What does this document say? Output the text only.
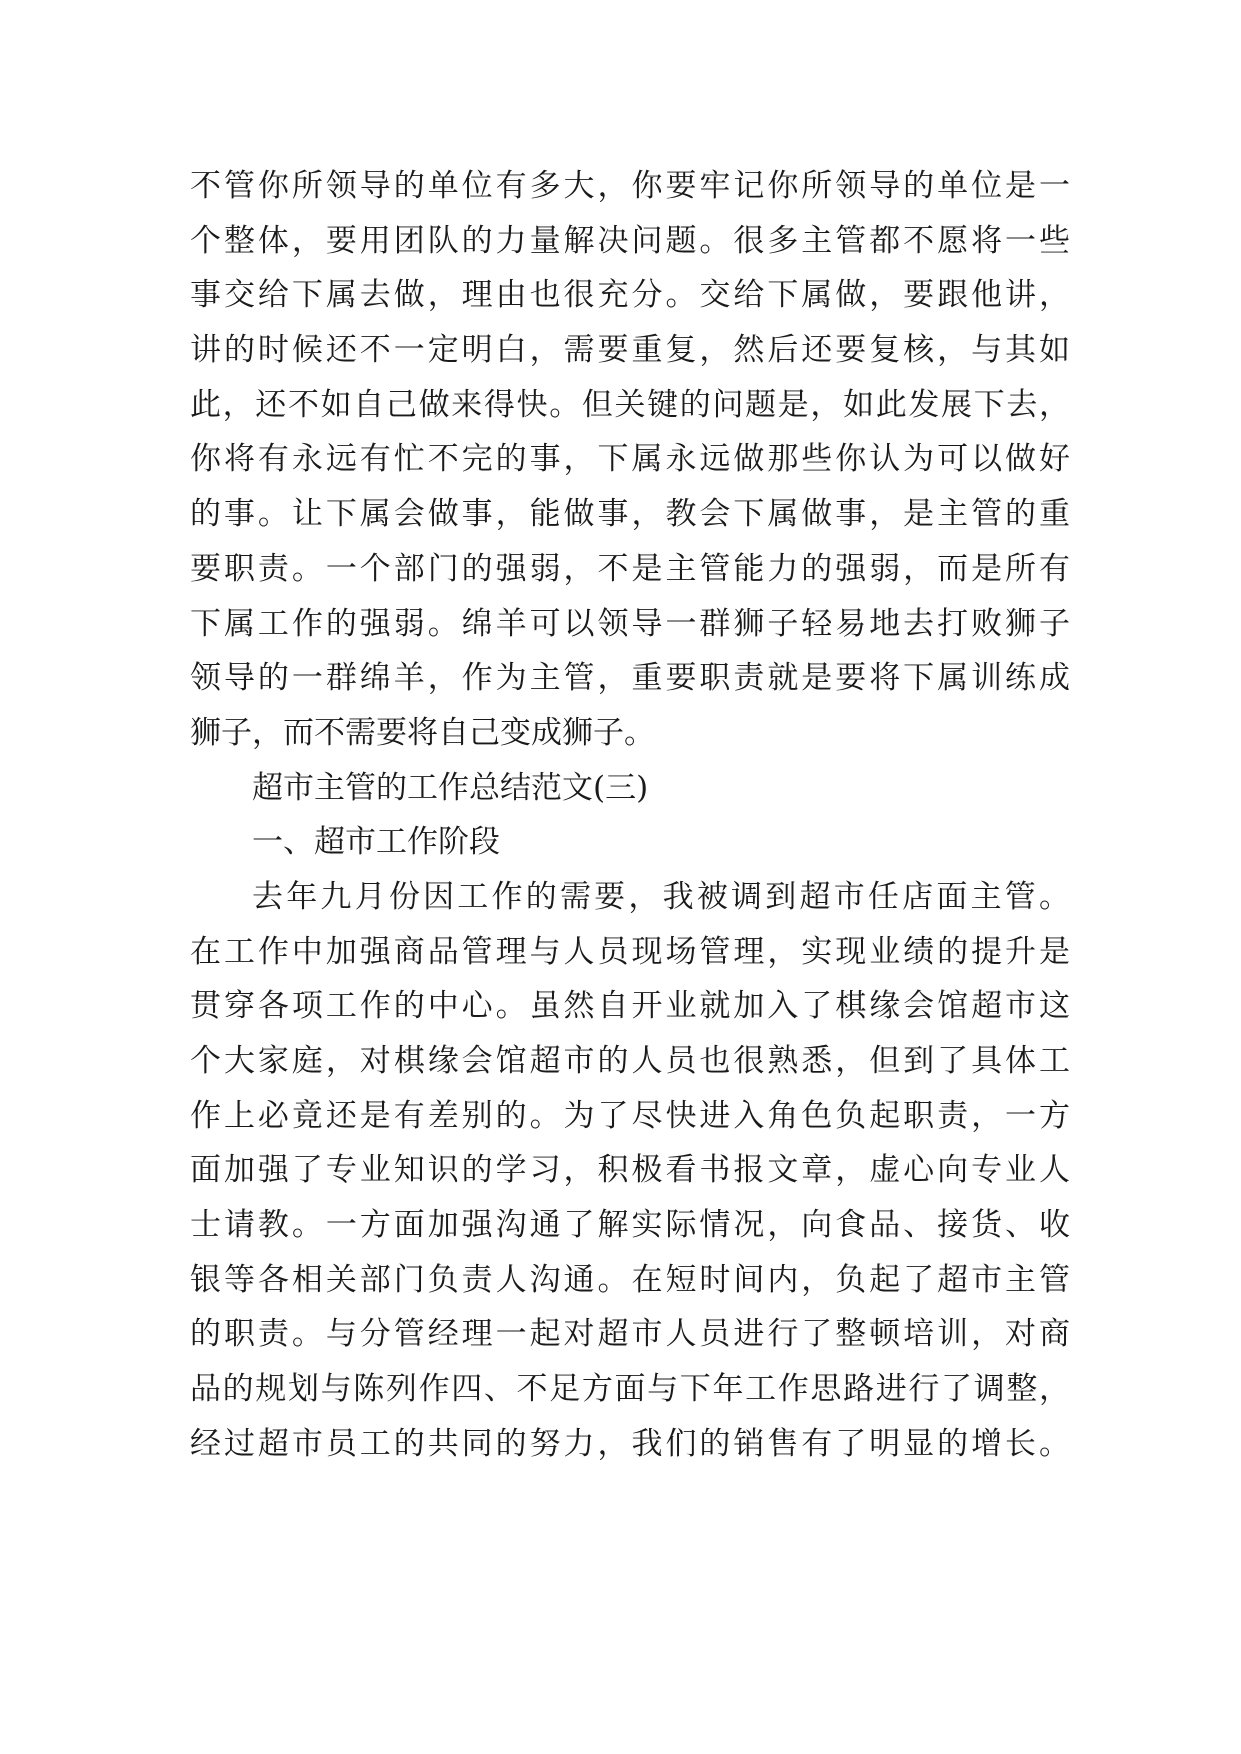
不管你所领导的单位有多大，你要牢记你所领导的单位是一
个整体，要用团队的力量解决问题。很多主管都不愿将一些
事交给下属去做，理由也很充分。交给下属做，要跟他讲，
讲的时候还不一定明白，需要重复，然后还要复核，与其如
此，还不如自己做来得快。但关键的问题是，如此发展下去，
你将有永远有忙不完的事，下属永远做那些你认为可以做好
的事。让下属会做事，能做事，教会下属做事，是主管的重
要职责。一个部门的强弱，不是主管能力的强弱，而是所有
下属工作的强弱。绵羊可以领导一群狮子轻易地去打败狮子
领导的一群绵羊，作为主管，重要职责就是要将下属训练成
狮子，而不需要将自己变成狮子。
超市主管的工作总结范文(三)
一、超市工作阶段
去年九月份因工作的需要，我被调到超市任店面主管。
在工作中加强商品管理与人员现场管理，实现业绩的提升是
贯穿各项工作的中心。虽然自开业就加入了棋缘会馆超市这
个大家庭，对棋缘会馆超市的人员也很熟悉，但到了具体工
作上必竟还是有差别的。为了尽快进入角色负起职责，一方
面加强了专业知识的学习，积极看书报文章，虚心向专业人
士请教。一方面加强沟通了解实际情况，向食品、接货、收
银等各相关部门负责人沟通。在短时间内，负起了超市主管
的职责。与分管经理一起对超市人员进行了整顿培训，对商
品的规划与陈列作四、不足方面与下年工作思路进行了调整，
经过超市员工的共同的努力，我们的销售有了明显的增长。
